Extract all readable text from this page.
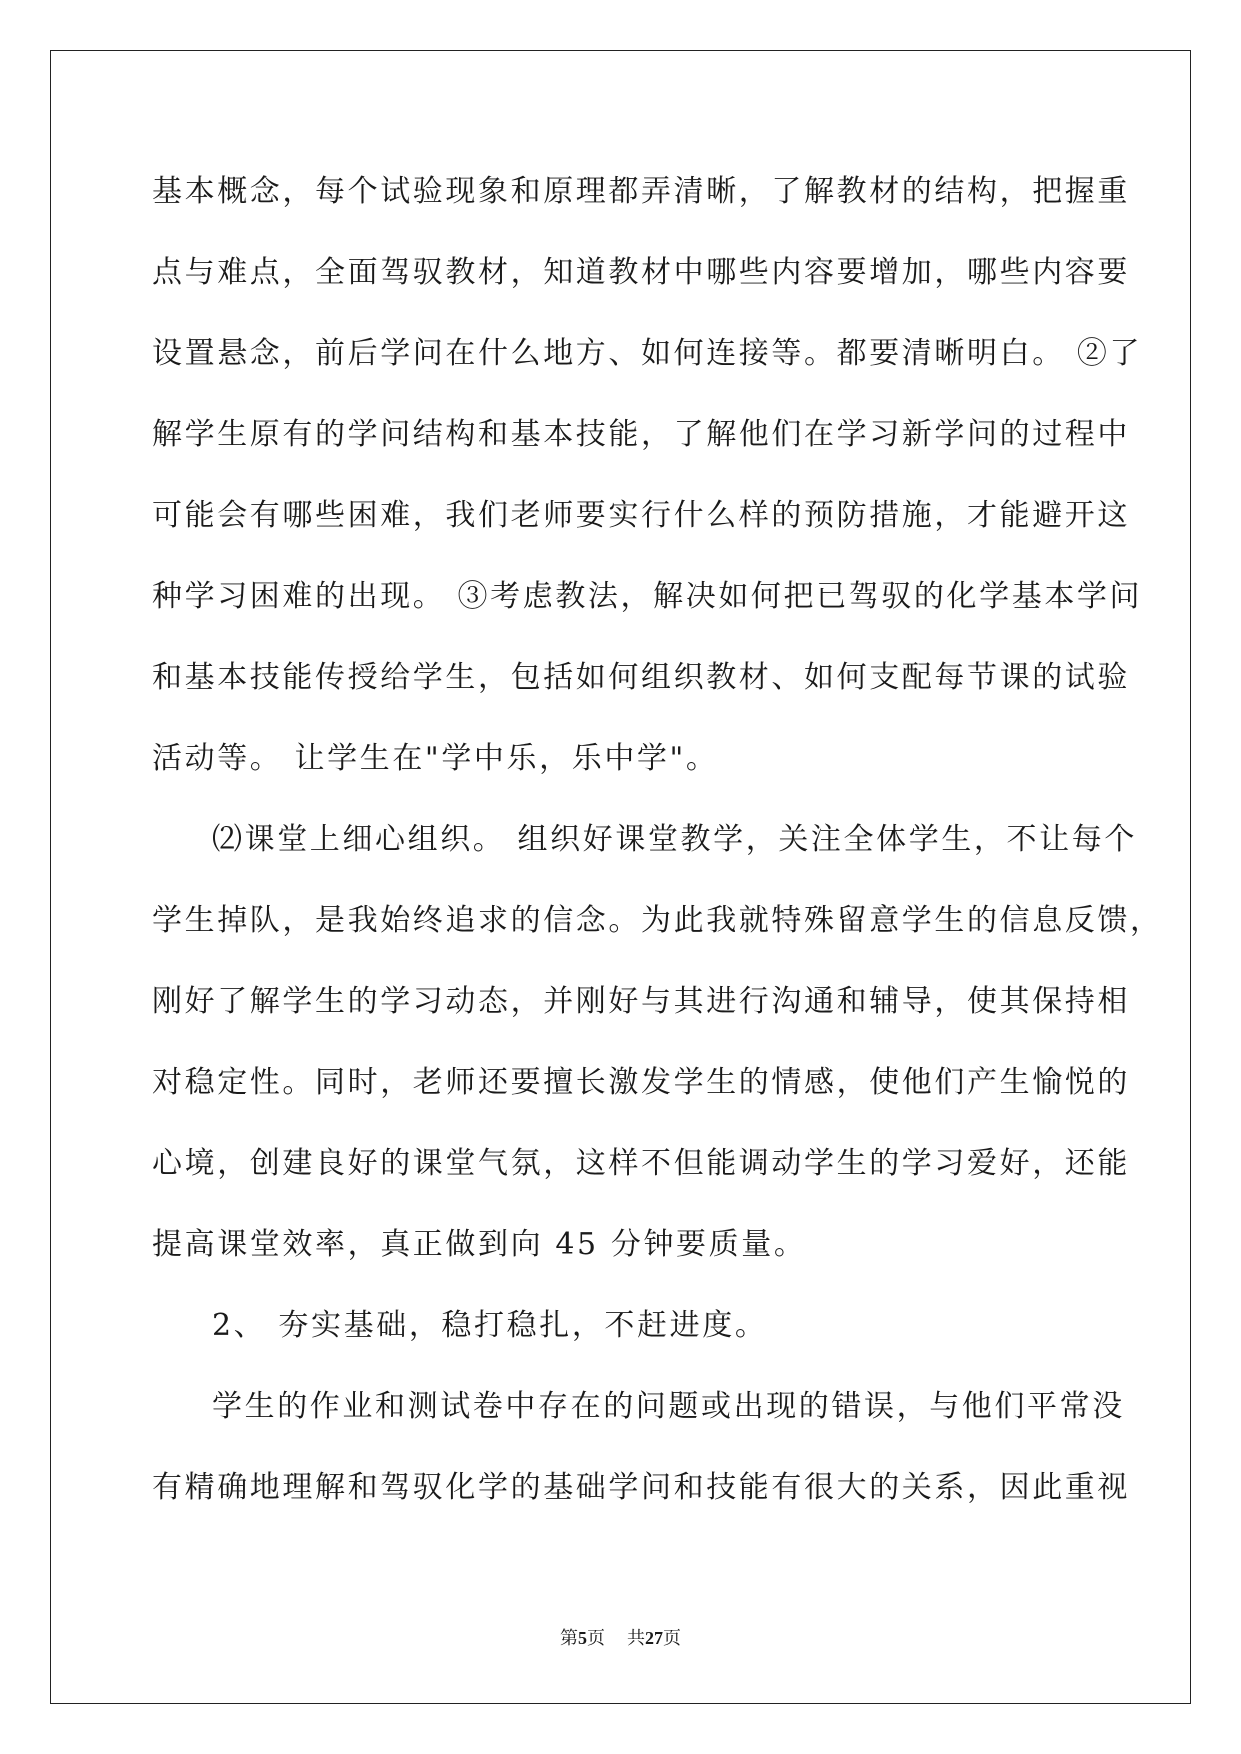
基本概念，每个试验现象和原理都弄清晰，了解教材的结构，把握重
点与难点，全面驾驭教材，知道教材中哪些内容要增加，哪些内容要
设置悬念，前后学问在什么地方、如何连接等。都要清晰明白。 ②了
解学生原有的学问结构和基本技能，了解他们在学习新学问的过程中
可能会有哪些困难，我们老师要实行什么样的预防措施，才能避开这
种学习困难的出现。 ③考虑教法，解决如何把已驾驭的化学基本学问
和基本技能传授给学生，包括如何组织教材、如何支配每节课的试验
活动等。 让学生在"学中乐，乐中学"。
⑵课堂上细心组织。 组织好课堂教学，关注全体学生，不让每个
学生掉队，是我始终追求的信念。为此我就特殊留意学生的信息反馈，
刚好了解学生的学习动态，并刚好与其进行沟通和辅导，使其保持相
对稳定性。同时，老师还要擅长激发学生的情感，使他们产生愉悦的
心境，创建良好的课堂气氛，这样不但能调动学生的学习爱好，还能
提高课堂效率，真正做到向 45 分钟要质量。
2、 夯实基础，稳打稳扎，不赶进度。
学生的作业和测试卷中存在的问题或出现的错误，与他们平常没
有精确地理解和驾驭化学的基础学问和技能有很大的关系，因此重视
第5页 共27页
